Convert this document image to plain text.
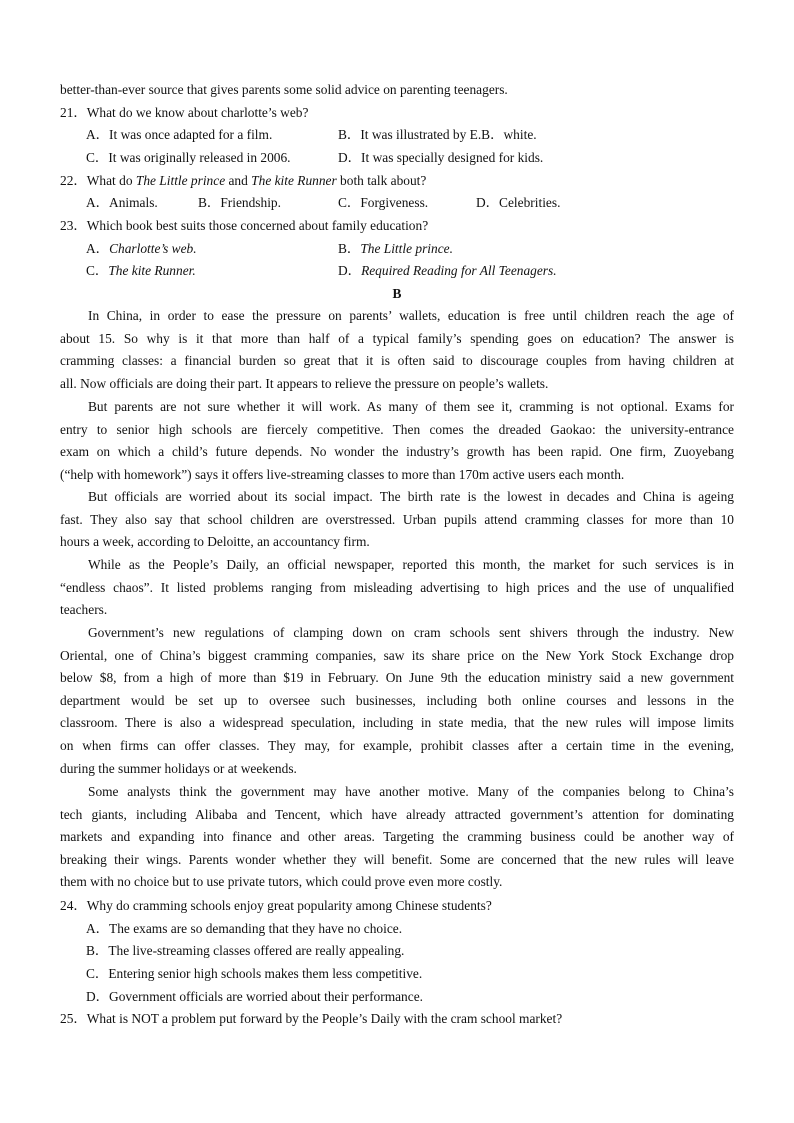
better-than-ever source that gives parents some solid advice on parenting teenagers.
21．What do we know about charlotte’s web?
A．It was once adapted for a film.	B．It was illustrated by E.B．white.
C．It was originally released in 2006.	D．It was specially designed for kids.
22．What do The Little prince and The kite Runner both talk about?
A．Animals.	B．Friendship.	C．Forgiveness.	D．Celebrities.
23．Which book best suits those concerned about family education?
A．Charlotte’s web.	B．The Little prince.
C．The kite Runner.	D．Required Reading for All Teenagers.
B
In China, in order to ease the pressure on parents’ wallets, education is free until children reach the age of
about 15. So why is it that more than half of a typical family’s spending goes on education? The answer is
cramming classes: a financial burden so great that it is often said to discourage couples from having children at
all. Now officials are doing their part. It appears to relieve the pressure on people’s wallets.
But parents are not sure whether it will work. As many of them see it, cramming is not optional. Exams for
entry to senior high schools are fiercely competitive. Then comes the dreaded Gaokao: the university-entrance
exam on which a child’s future depends. No wonder the industry’s growth has been rapid. One firm, Zuoyebang
(“help with homework”) says it offers live-streaming classes to more than 170m active users each month.
But officials are worried about its social impact. The birth rate is the lowest in decades and China is ageing
fast. They also say that school children are overstressed. Urban pupils attend cramming classes for more than 10
hours a week, according to Deloitte, an accountancy firm.
While as the People’s Daily, an official newspaper, reported this month, the market for such services is in
“endless chaos”. It listed problems ranging from misleading advertising to high prices and the use of unqualified
teachers.
Government’s new regulations of clamping down on cram schools sent shivers through the industry. New
Oriental, one of China’s biggest cramming companies, saw its share price on the New York Stock Exchange drop
below $8, from a high of more than $19 in February. On June 9th the education ministry said a new government
department would be set up to oversee such businesses, including both online courses and lessons in the
classroom. There is also a widespread speculation, including in state media, that the new rules will impose limits
on when firms can offer classes. They may, for example, prohibit classes after a certain time in the evening,
during the summer holidays or at weekends.
Some analysts think the government may have another motive. Many of the companies belong to China’s
tech giants, including Alibaba and Tencent, which have already attracted government’s attention for dominating
markets and expanding into finance and other areas. Targeting the cramming business could be another way of
breaking their wings. Parents wonder whether they will benefit. Some are concerned that the new rules will leave
them with no choice but to use private tutors, which could prove even more costly.
24．Why do cramming schools enjoy great popularity among Chinese students?
A．The exams are so demanding that they have no choice.
B．The live-streaming classes offered are really appealing.
C．Entering senior high schools makes them less competitive.
D．Government officials are worried about their performance.
25．What is NOT a problem put forward by the People’s Daily with the cram school market?
